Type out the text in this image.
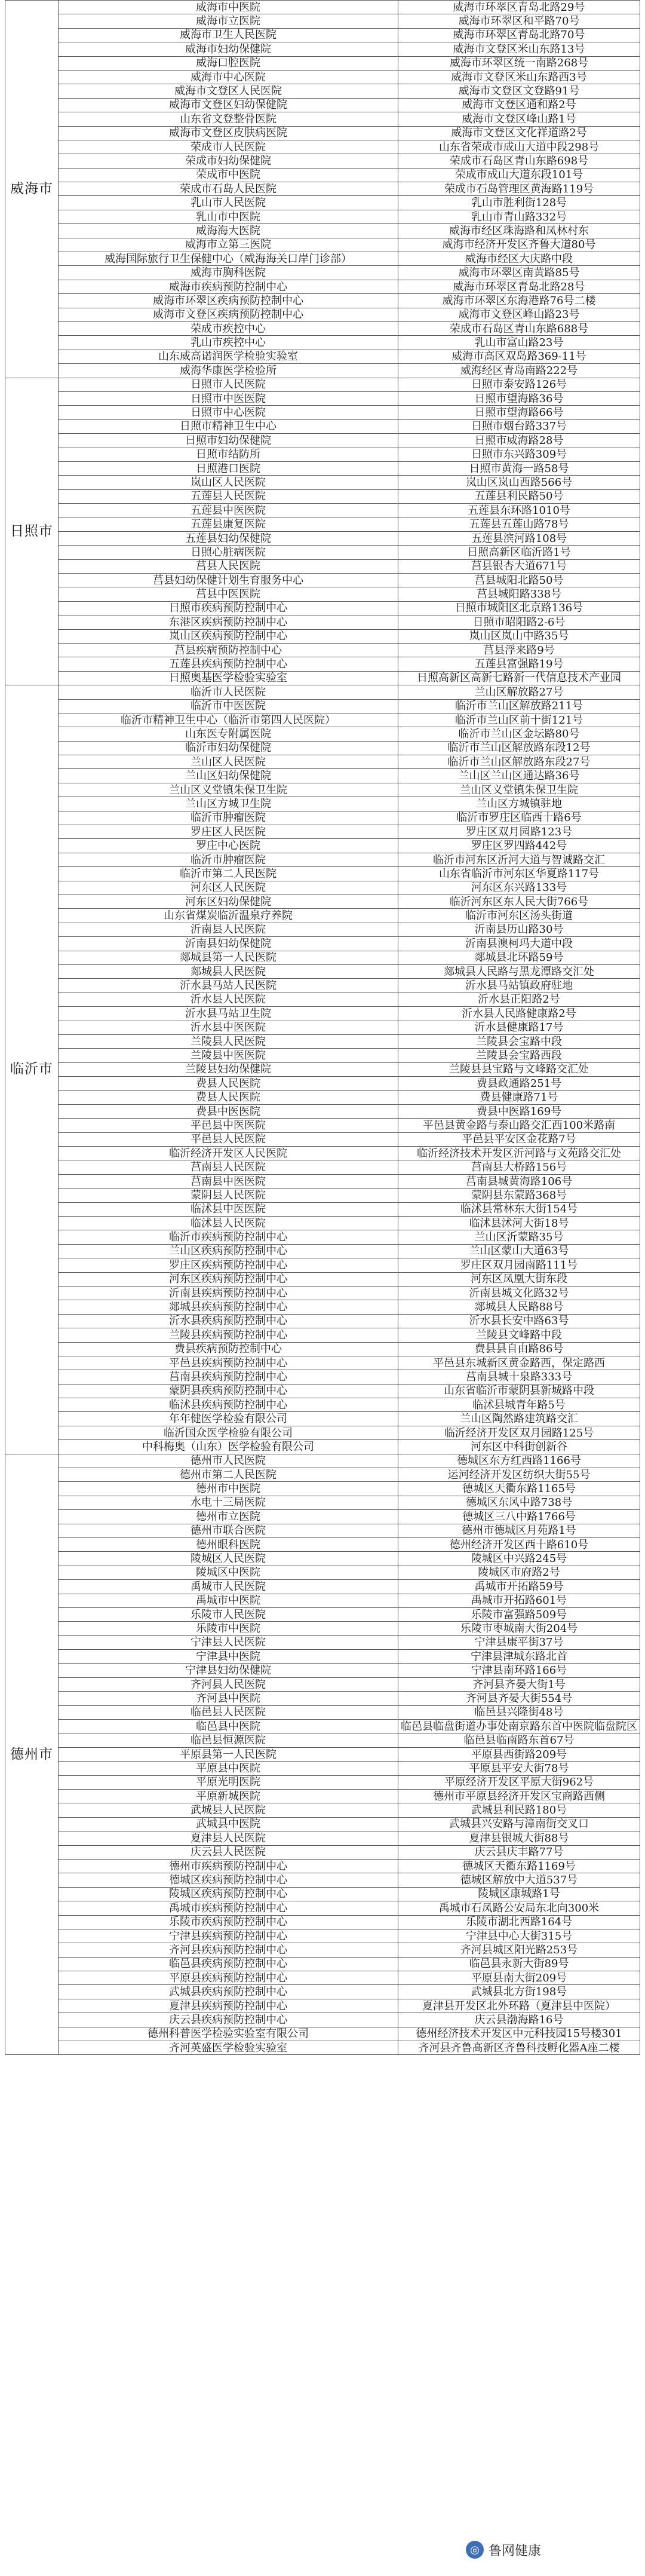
威海市	威海市中医院	威海市环翠区青岛北路29号
	威海市立医院	威海市环翠区和平路70号
	威海市卫生人民医院	威海市环翠区青岛北路70号
	威海市妇幼保健院	威海市文登区米山东路13号
	威海口腔医院	威海市环翠区统一南路268号
	威海市中心医院	威海市文登区米山东路西3号
	威海市文登区人民医院	威海市文登区文登路91号
	威海市文登区妇幼保健院	威海市文登区通和路2号
	山东省文登整骨医院	威海市文登区峰山路1号
	威海市文登区皮肤病医院	威海市文登区文化祥道路2号
	荣成市人民医院	山东省荣成市成山大道中段298号
	荣成市妇幼保健院	荣成市石岛区青山东路698号
	荣成市中医院	荣成市成山大道东段101号
	荣成市石岛人民医院	荣成市石岛管理区黄海路119号
	乳山市人民医院	乳山市胜利街128号
	乳山市中医院	乳山市青山路332号
	威海海大医院	威海市经区珠海路和凤林村东
	威海市立第三医院	威海市经济开发区齐鲁大道80号
	威海国际旅行卫生保健中心（威海海关口岸门诊部）	威海市经区大庆路中段
	威海市胸科医院	威海市环翠区南黄路85号
	威海市疾病预防控制中心	威海市环翠区青岛北路28号
	威海市环翠区疾病预防控制中心	威海市环翠区东海港路76号二楼
	威海市文登区疾病预防控制中心	威海市文登区峰山路23号
	荣成市疾控中心	荣成市石岛区青山东路688号
	乳山市疾控中心	乳山市富山路23号
	山东威高诺润医学检验实验室	威海市高区双岛路369-11号
	威海华康医学检验所	威海经区青岛南路222号
日照市	日照市人民医院	日照市泰安路126号
	日照市中医医院	日照市望海路36号
	日照市中心医院	日照市望海路66号
	日照市精神卫生中心	日照市烟台路337号
	日照市妇幼保健院	日照市威海路28号
	日照市结防所	日照市东兴路309号
	日照港口医院	日照市黄海一路58号
	岚山区人民医院	岚山区岚山西路566号
	五莲县人民医院	五莲县利民路50号
	五莲县中医医院	五莲县东环路1010号
	五莲县康复医院	五莲县五莲山路78号
	五莲县妇幼保健院	五莲县滨河路108号
	日照心脏病医院	日照高新区临沂路1号
	莒县人民医院	莒县银杏大道671号
	莒县妇幼保健计划生育服务中心	莒县城阳北路50号
	莒县中医医院	莒县城阳路338号
	日照市疾病预防控制中心	日照市城阳区北京路136号
	东港区疾病预防控制中心	日照市昭阳路2-6号
	岚山区疾病预防控制中心	岚山区岚山中路35号
	莒县疾病预防控制中心	莒县浮来路9号
	五莲县疾病预防控制中心	五莲县富强路19号
	日照奥基医学检验实验室	日照高新区高新七路新一代信息技术产业园
临沂市	临沂市人民医院	兰山区解放路27号
	临沂市中医医院	临沂市兰山区解放路211号
	临沂市精神卫生中心（临沂市第四人民医院）	临沂市兰山区前十街121号
	山东医专附属医院	临沂市兰山区金坛路80号
	临沂市妇幼保健院	临沂市兰山区解放路东段12号
	兰山区人民医院	临沂市兰山区解放路东段27号
	兰山区妇幼保健院	兰山区兰山区通达路36号
	兰山区义堂镇朱保卫生院	兰山区义堂镇朱保卫生院
	兰山区方城卫生院	兰山区方城镇驻地
	临沂市肿瘤医院	临沂市罗庄区临西十路6号
	罗庄区人民医院	罗庄区双月园路123号
	罗庄中心医院	罗庄区罗四路442号
	临沂市肿瘤医院	临沂市河东区沂河大道与智诚路交汇
	临沂市第二人民医院	山东省临沂市河东区华夏路117号
	河东区人民医院	河东区东兴路133号
	河东区妇幼保健院	临沂河东区东人民大街766号
	山东省煤炭临沂温泉疗养院	临沂市河东区汤头街道
	沂南县人民医院	沂南县历山路30号
	沂南县妇幼保健院	沂南县澳柯玛大道中段
	郯城县第一人民医院	郯城县北环路59号
	郯城县人民医院	郯城县人民路与黑龙潭路交汇处
	沂水县马站人民医院	沂水县马站镇政府驻地
	沂水县人民医院	沂水县正阳路2号
	沂水县马站卫生院	沂水县人民路健康路2号
	沂水县中医医院	沂水县健康路17号
	兰陵县人民医院	兰陵县会宝路中段
	兰陵县中医医院	兰陵县会宝路西段
	兰陵县妇幼保健院	兰陵县县宝路与文峰路交汇处
	费县人民医院	费县政通路251号
	费县人民医院	费县健康路71号
	费县中医医院	费县中医路169号
	平邑县中医医院	平邑县黄金路与泰山路交汇西100米路南
	平邑县人民医院	平邑县平安区金花路7号
	临沂经济开发区人民医院	临沂经济技术开发区沂河路与文苑路交汇处
	莒南县人民医院	莒南县大桥路156号
	莒南县中医医院	莒南县城黄海路106号
	蒙阴县人民医院	蒙阴县东蒙路368号
	临沭县中医医院	临沭县常林东大街154号
	临沭县人民医院	临沭县沭河大街18号
	临沂市疾病预防控制中心	兰山区沂蒙路35号
	兰山区疾病预防控制中心	兰山区蒙山大道63号
	罗庄区疾病预防控制中心	罗庄区双月园南路111号
	河东区疾病预防控制中心	河东区凤凰大街东段
	沂南县疾病预防控制中心	沂南县城文化路32号
	郯城县疾病预防控制中心	郯城县人民路88号
	沂水县疾病预防控制中心	沂水县长安中路63号
	兰陵县疾病预防控制中心	兰陵县文峰路中段
	费县疾病预防控制中心	费县县自由路86号
	平邑县疾病预防控制中心	平邑县东城新区黄金路西，保定路西
	莒南县疾病预防控制中心	莒南县城十泉路333号
	蒙阴县疾病预防控制中心	山东省临沂市蒙阴县新城路中段
	临沭县疾病预防控制中心	临沭县城青年路5号
	年年健医学检验有限公司	兰山区陶然路建筑路交汇
	临沂国众医学检验有限公司	临沂经济开发区双月园路125号
	中科梅奥（山东）医学检验有限公司	河东区中科街创新谷
德州市	德州市人民医院	德城区东方红西路1166号
	德州市第二人民医院	运河经济开发区纺织大街55号
	德州市中医院	德城区天衢东路1165号
	水电十三局医院	德城区东风中路738号
	德州市立医院	德城区三八中路1766号
	德州市联合医院	德州市德城区月苑路1号
	德州眼科医院	德州经济开发区西十路610号
	陵城区人民医院	陵城区中兴路245号
	陵城区中医院	陵城区市府路2号
	禹城市人民医院	禹城市开拓路59号
	禹城市中医院	禹城市开拓路601号
	乐陵市人民医院	乐陵市富强路509号
	乐陵市中医院	乐陵市枣城南大街204号
	宁津县人民医院	宁津县康平街37号
	宁津县中医院	宁津县津城东路北首
	宁津县妇幼保健院	宁津县南环路166号
	齐河县人民医院	齐河县齐晏大街1号
	齐河县中医院	齐河县齐晏大街554号
	临邑县人民医院	临邑县兴隆街48号
	临邑县中医院	临邑县临盘街道办事处南京路东首中医院临盘院区
	临邑县恒源医院	临邑县临南路东首67号
	平原县第一人民医院	平原县西街路209号
	平原县中医院	平原县平安大街78号
	平原光明医院	平原经济开发区平原大街962号
	平原新城医院	德州市平原县经济开发区宝商路西侧
	武城县人民医院	武城县利民路180号
	武城县中医院	武城县兴安路与漳南街交叉口
	夏津县人民医院	夏津县银城大街88号
	庆云县人民医院	庆云县庆丰路77号
	德州市疾病预防控制中心	德城区天衢东路1169号
	德城区疾病预防控制中心	德城区解放中大道537号
	陵城区疾病预防控制中心	陵城区康城路1号
	禹城市疾病预防控制中心	禹城市石凤路公安局东北向300米
	乐陵市疾病预防控制中心	乐陵市湖北西路164号
	宁津县疾病预防控制中心	宁津县中心大街315号
	齐河县疾病预防控制中心	齐河县城区阳光路253号
	临邑县疾病预防控制中心	临邑县永新大街89号
	平原县疾病预防控制中心	平原县南大街209号
	武城县疾病预防控制中心	武城县北方街198号
	夏津县疾病预防控制中心	夏津县开发区北外环路（夏津县中医院）
	庆云县疾病预防控制中心	庆云县渤海路16号
	德州科普医学检验实验室有限公司	德州经济技术开发区中元科技园15号楼301
	齐河英盛医学检验实验室	齐河县齐鲁高新区齐鲁科技孵化器A座二楼
◎ 鲁网健康
